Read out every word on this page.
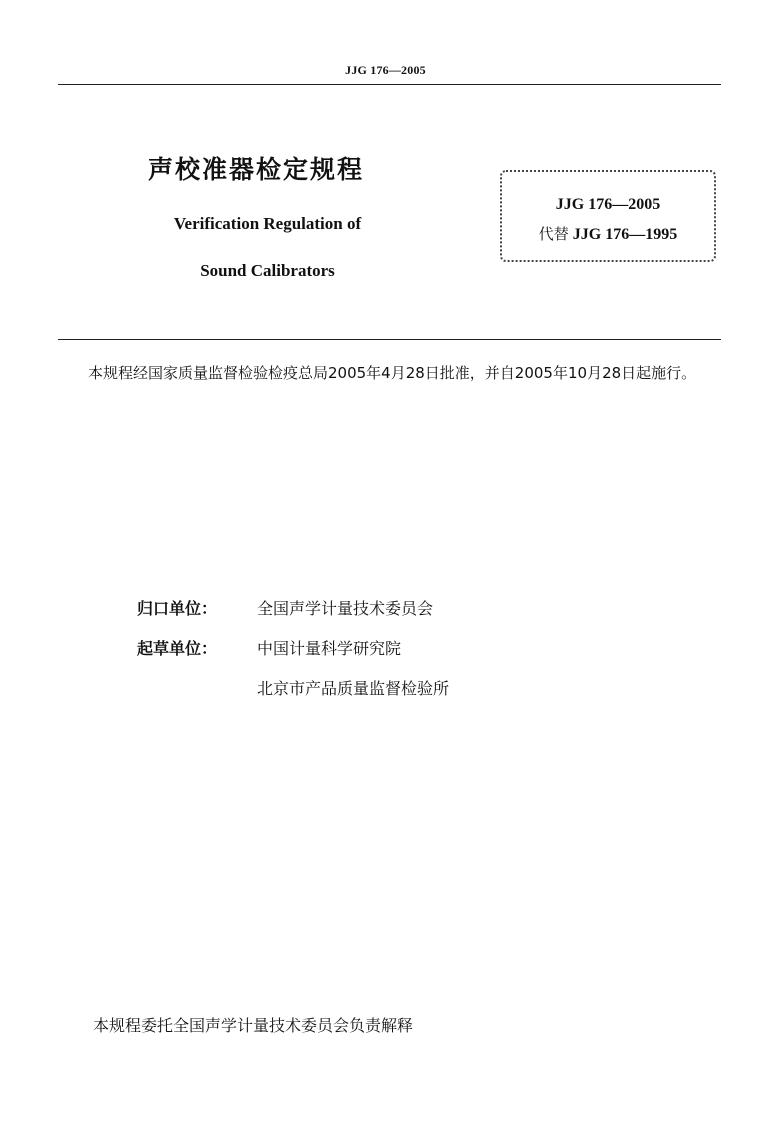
JJG 176—2005
声校准器检定规程
Verification Regulation of
Sound Calibrators
JJG 176—2005
代替 JJG 176—1995
本规程经国家质量监督检验检疫总局2005年4月28日批准，并自2005年10月28日起施行。
归口单位： 全国声学计量技术委员会
起草单位： 中国计量科学研究院
北京市产品质量监督检验所
本规程委托全国声学计量技术委员会负责解释
